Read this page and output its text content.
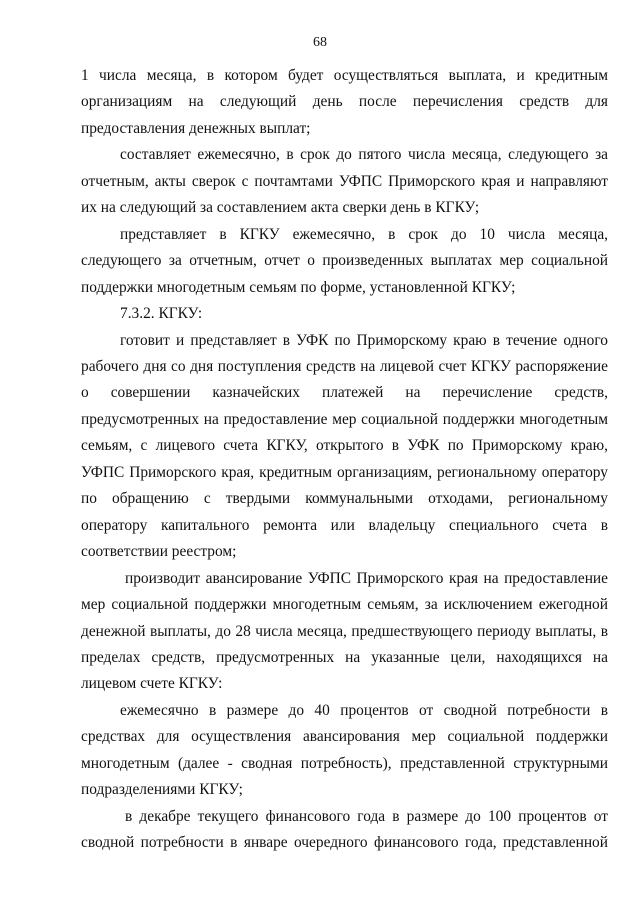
68

1 числа месяца, в котором будет осуществляться выплата, и кредитным организациям на следующий день после перечисления средств для предоставления денежных выплат;

составляет ежемесячно, в срок до пятого числа месяца, следующего за отчетным, акты сверок с почтамтами УФПС Приморского края и направляют их на следующий за составлением акта сверки день в КГКУ;

представляет в КГКУ ежемесячно, в срок до 10 числа месяца, следующего за отчетным, отчет о произведенных выплатах мер социальной поддержки многодетным семьям по форме, установленной КГКУ;

7.3.2. КГКУ:

готовит и представляет в УФК по Приморскому краю в течение одного рабочего дня со дня поступления средств на лицевой счет КГКУ распоряжение о совершении казначейских платежей на перечисление средств, предусмотренных на предоставление мер социальной поддержки многодетным семьям, с лицевого счета КГКУ, открытого в УФК по Приморскому краю, УФПС Приморского края, кредитным организациям, региональному оператору по обращению с твердыми коммунальными отходами, региональному оператору капитального ремонта или владельцу специального счета в соответствии реестром;

производит авансирование УФПС Приморского края на предоставление мер социальной поддержки многодетным семьям, за исключением ежегодной денежной выплаты, до 28 числа месяца, предшествующего периоду выплаты, в пределах средств, предусмотренных на указанные цели, находящихся на лицевом счете КГКУ:

ежемесячно в размере до 40 процентов от сводной потребности в средствах для осуществления авансирования мер социальной поддержки многодетным (далее - сводная потребность), представленной структурными подразделениями КГКУ;

в декабре текущего финансового года в размере до 100 процентов от сводной потребности в январе очередного финансового года, представленной
